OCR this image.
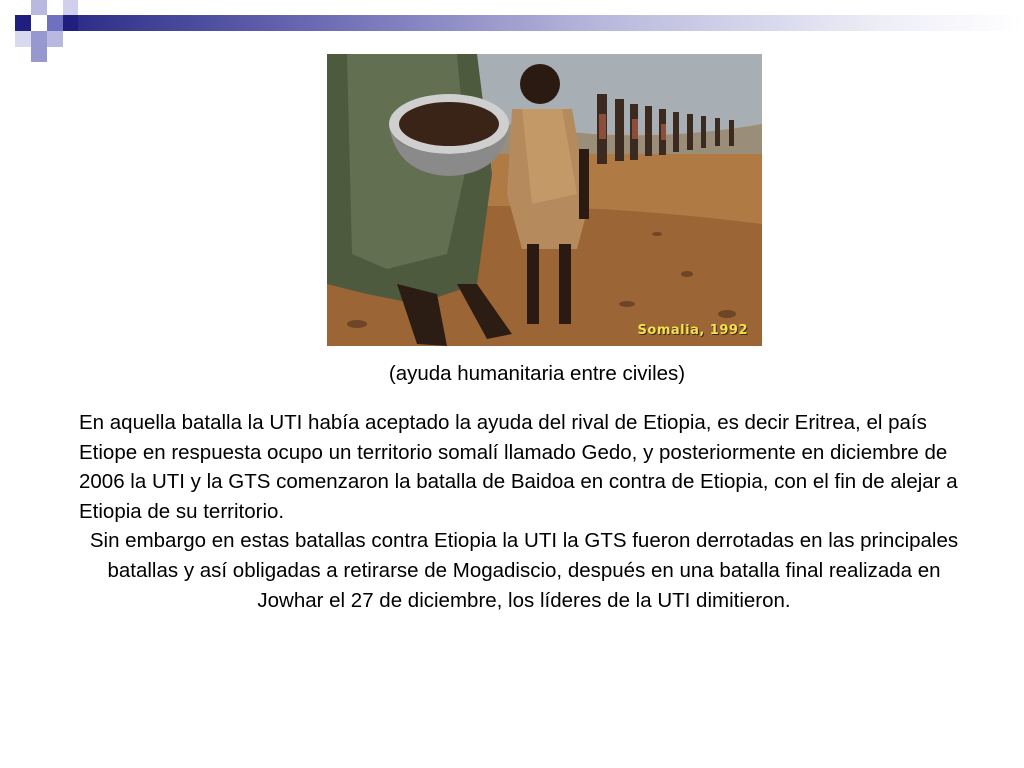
Somalia, 1992
(ayuda humanitaria entre civiles)

En aquella batalla la UTI había aceptado la ayuda del rival de Etiopia, es decir Eritrea, el país Etiope en respuesta ocupo un territorio somalí llamado Gedo, y posteriormente en diciembre de 2006 la UTI y la GTS comenzaron la batalla de Baidoa en contra de Etiopia, con el fin de alejar a Etiopia de su territorio.

Sin embargo en estas batallas contra Etiopia la UTI la GTS fueron derrotadas en las principales batallas y así obligadas a retirarse de Mogadiscio, después en una batalla final realizada en Jowhar el 27 de diciembre, los líderes de la UTI dimitieron.
